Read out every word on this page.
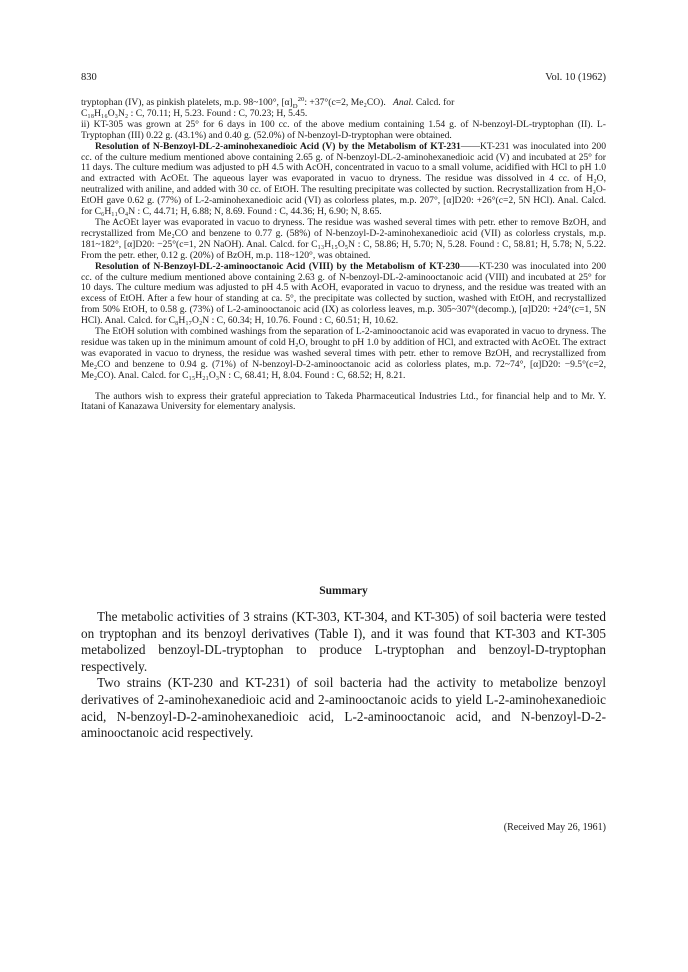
830	Vol. 10 (1962)

tryptophan (IV), as pinkish platelets, m.p. 98~100°, $[\alpha]_D^{20}$: +37°(c=2, Me₂CO). Anal. Calcd. for
C₁₈H₁₆O₃N₂ : C, 70.11; H, 5.23. Found : C, 70.23; H, 5.45.

ii) KT-305 was grown at 25° for 6 days in 100 cc. of the above medium containing 1.54 g. of N-benzoyl-DL-tryptophan (II). L-Tryptophan (III) 0.22 g. (43.1%) and 0.40 g. (52.0%) of N-benzoyl-D-tryptophan were obtained.

Resolution of N-Benzoyl-DL-2-aminohexanedioic Acid (V) by the Metabolism of KT-231——KT-231 was inoculated into 200 cc. of the culture medium mentioned above containing 2.65 g. of N-benzoyl-DL-2-aminohexanedioic acid (V) and incubated at 25° for 11 days. The culture medium was adjusted to pH 4.5 with AcOH, concentrated in vacuo to a small volume, acidified with HCl to pH 1.0 and extracted with AcOEt. The aqueous layer was evaporated in vacuo to dryness. The residue was dissolved in 4 cc. of H₂O, neutralized with aniline, and added with 30 cc. of EtOH. The resulting precipitate was collected by suction. Recrystallization from H₂O-EtOH gave 0.62 g. (77%) of L-2-aminohexanedioic acid (VI) as colorless plates, m.p. 207°, [α]D20: +26°(c=2, 5N HCl). Anal. Calcd. for C₆H₁₁O₄N : C, 44.71; H, 6.88; N, 8.69. Found : C, 44.36; H, 6.90; N, 8.65.

The AcOEt layer was evaporated in vacuo to dryness. The residue was washed several times with petr. ether to remove BzOH, and recrystallized from Me₂CO and benzene to 0.77 g. (58%) of N-benzoyl-D-2-aminohexanedioic acid (VII) as colorless crystals, m.p. 181~182°, [α]D20: −25°(c=1, 2N NaOH). Anal. Calcd. for C₁₃H₁₅O₅N : C, 58.86; H, 5.70; N, 5.28. Found : C, 58.81; H, 5.78; N, 5.22. From the petr. ether, 0.12 g. (20%) of BzOH, m.p. 118~120°, was obtained.

Resolution of N-Benzoyl-DL-2-aminooctanoic Acid (VIII) by the Metabolism of KT-230——KT-230 was inoculated into 200 cc. of the culture medium mentioned above containing 2.63 g. of N-benzoyl-DL-2-aminooctanoic acid (VIII) and incubated at 25° for 10 days. The culture medium was adjusted to pH 4.5 with AcOH, evaporated in vacuo to dryness, and the residue was treated with an excess of EtOH. After a few hour of standing at ca. 5°, the precipitate was collected by suction, washed with EtOH, and recrystallized from 50% EtOH, to 0.58 g. (73%) of L-2-aminooctanoic acid (IX) as colorless leaves, m.p. 305~307°(decomp.), [α]D20: +24°(c=1, 5N HCl). Anal. Calcd. for C₈H₁₇O₂N : C, 60.34; H, 10.76. Found : C, 60.51; H, 10.62.

The EtOH solution with combined washings from the separation of L-2-aminooctanoic acid was evaporated in vacuo to dryness. The residue was taken up in the minimum amount of cold H₂O, brought to pH 1.0 by addition of HCl, and extracted with AcOEt. The extract was evaporated in vacuo to dryness, the residue was washed several times with petr. ether to remove BzOH, and recrystallized from Me₂CO and benzene to 0.94 g. (71%) of N-benzoyl-D-2-aminooctanoic acid as colorless plates, m.p. 72~74°, [α]D20: −9.5°(c=2, Me₂CO). Anal. Calcd. for C₁₅H₂₁O₃N : C, 68.41; H, 8.04. Found : C, 68.52; H, 8.21.

The authors wish to express their grateful appreciation to Takeda Pharmaceutical Industries Ltd., for financial help and to Mr. Y. Itatani of Kanazawa University for elementary analysis.

Summary

The metabolic activities of 3 strains (KT-303, KT-304, and KT-305) of soil bacteria were tested on tryptophan and its benzoyl derivatives (Table I), and it was found that KT-303 and KT-305 metabolized benzoyl-DL-tryptophan to produce L-tryptophan and benzoyl-D-tryptophan respectively.

Two strains (KT-230 and KT-231) of soil bacteria had the activity to metabolize benzoyl derivatives of 2-aminohexanedioic acid and 2-aminooctanoic acids to yield L-2-aminohexanedioic acid, N-benzoyl-D-2-aminohexanedioic acid, L-2-aminooctanoic acid, and N-benzoyl-D-2-aminooctanoic acid respectively.

(Received May 26, 1961)
